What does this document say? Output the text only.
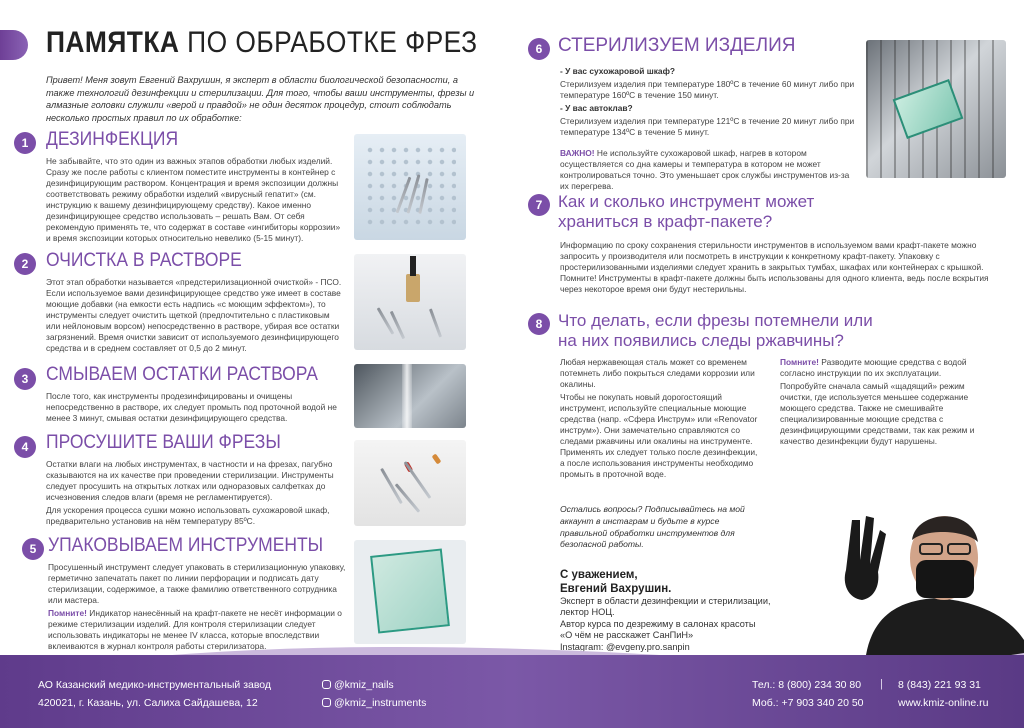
ПАМЯТКА ПО ОБРАБОТКЕ ФРЕЗ
Привет! Меня зовут Евгений Вахрушин, я эксперт в области биологической безопасности, а также технологий дезинфекции и стерилизации. Для того, чтобы ваши инструменты, фрезы и алмазные головки служили «верой и правдой» не один десяток процедур, стоит соблюдать несколько простых правил по их обработке:
1 ДЕЗИНФЕКЦИЯ
Не забывайте, что это один из важных этапов обработки любых изделий. Сразу же после работы с клиентом поместите инструменты в контейнер с дезинфицирующим раствором. Концентрация и время экспозиции должны соответствовать режиму обработки изделий «вирусный гепатит» (см. инструкцию к вашему дезинфицирующему средству). Какое именно дезинфицирующее средство использовать – решать Вам. От себя рекомендую применять те, что содержат в составе «ингибиторы коррозии» и время экспозиции которых относительно невелико (5-15 минут).
2 ОЧИСТКА В РАСТВОРЕ
Этот этап обработки называется «предстерилизационной очисткой» - ПСО. Если используемое вами дезинфицирующее средство уже имеет в составе моющие добавки (на емкости есть надпись «с моющим эффектом»), то инструменты следует очистить щеткой (предпочтительно с пластиковым или нейлоновым ворсом) непосредственно в растворе, убирая все остатки загрязнений. Время очистки зависит от используемого дезинфицирующего средства и в среднем составляет от 0,5 до 2 минут.
3 СМЫВАЕМ ОСТАТКИ РАСТВОРА
После того, как инструменты продезинфицированы и очищены непосредственно в растворе, их следует промыть под проточной водой не менее 3 минут, смывая остатки дезинфицирующего средства.
4 ПРОСУШИТЕ ВАШИ ФРЕЗЫ

Остатки влаги на любых инструментах, в частности и на фрезах, пагубно сказываются на их качестве при проведении стерилизации. Инструменты следует просушить на открытых лотках или одноразовых салфетках до исчезновения следов влаги (время не регламентируется).

Для ускорения процесса сушки можно использовать сухожаровой шкаф, предварительно установив на нём температуру 85ºС.

5 УПАКОВЫВАЕМ ИНСТРУМЕНТЫ

Просушенный инструмент следует упаковать в стерилизационную упаковку, герметично запечатать пакет по линии перфорации и подписать дату стерилизации, содержимое, а также фамилию ответственного сотрудника или мастера.

Помните! Индикатор нанесённый на крафт-пакете не несёт информации о режиме стерилизации изделий. Для контроля стерилизации следует использовать индикаторы не менее IV класса, которые впоследствии вклеиваются в журнал контроля работы стерилизатора.

6 СТЕРИЛИЗУЕМ ИЗДЕЛИЯ

- У вас сухожаровой шкаф?

Стерилизуем изделия при температуре 180ºС в течение 60 минут либо при температуре 160ºС в течение 150 минут.

- У вас автоклав?

Стерилизуем изделия при температуре 121ºС в течение 20 минут либо при температуре 134ºС в течение 5 минут.

ВАЖНО! Не используйте сухожаровой шкаф, нагрев в котором осуществляется со дна камеры и температура в котором не может контролироваться точно. Это уменьшает срок службы инструментов из-за их перегрева.

7 Как и сколько инструмент может
храниться в крафт-пакете?
Информацию по сроку сохранения стерильности инструментов в используемом вами крафт-пакете можно запросить у производителя или посмотреть в инструкции к конкретному крафт-пакету. Упаковку с простерилизованными изделиями следует хранить в закрытых тумбах, шкафах или контейнерах с крышкой. Помните! Инструменты в крафт-пакете должны быть использованы для одного клиента, ведь после вскрытия через некоторое время они будут нестерильны.
8 Что делать, если фрезы потемнели или
на них появились следы ржавчины?

Любая нержавеющая сталь может со временем потемнеть либо покрыться следами коррозии или окалины.

Чтобы не покупать новый дорогостоящий инструмент, используйте специальные моющие средства (напр. «Сфера Инструм» или «Renovator инструм»). Они замечательно справляются со следами ржавчины или окалины на инструменте. Применять их следует только после дезинфекции, а после использования инструменты необходимо промыть в проточной воде.

Помните! Разводите моющие средства с водой согласно инструкции по их эксплуатации.

Попробуйте сначала самый «щадящий» режим очистки, где используется меньшее содержание моющего средства. Также не смешивайте специализированные моющие средства с дезинфицирующими средствами, так как режим и качество дезинфекции будут нарушены.

Остались вопросы? Подписывайтесь на мой аккаунт в инстаграм и будьте в курсе правильной обработки инструментов для безопасной работы.
С уважением,
Евгений Вахрушин.
Эксперт в области дезинфекции и стерилизации,
лектор НОЦ.
Автор курса по дезрежиму в салонах красоты
«О чём не расскажет СанПиН»
Instagram: @evgeny.pro.sanpin
АО Казанский медико-инструментальный завод
420021, г. Казань, ул. Салиха Сайдашева, 12
@kmiz_nails
@kmiz_instruments
Тел.: 8 (800) 234 30 80 | 8 (843) 221 93 31
Моб.: +7 903 340 20 50	www.kmiz-online.ru
